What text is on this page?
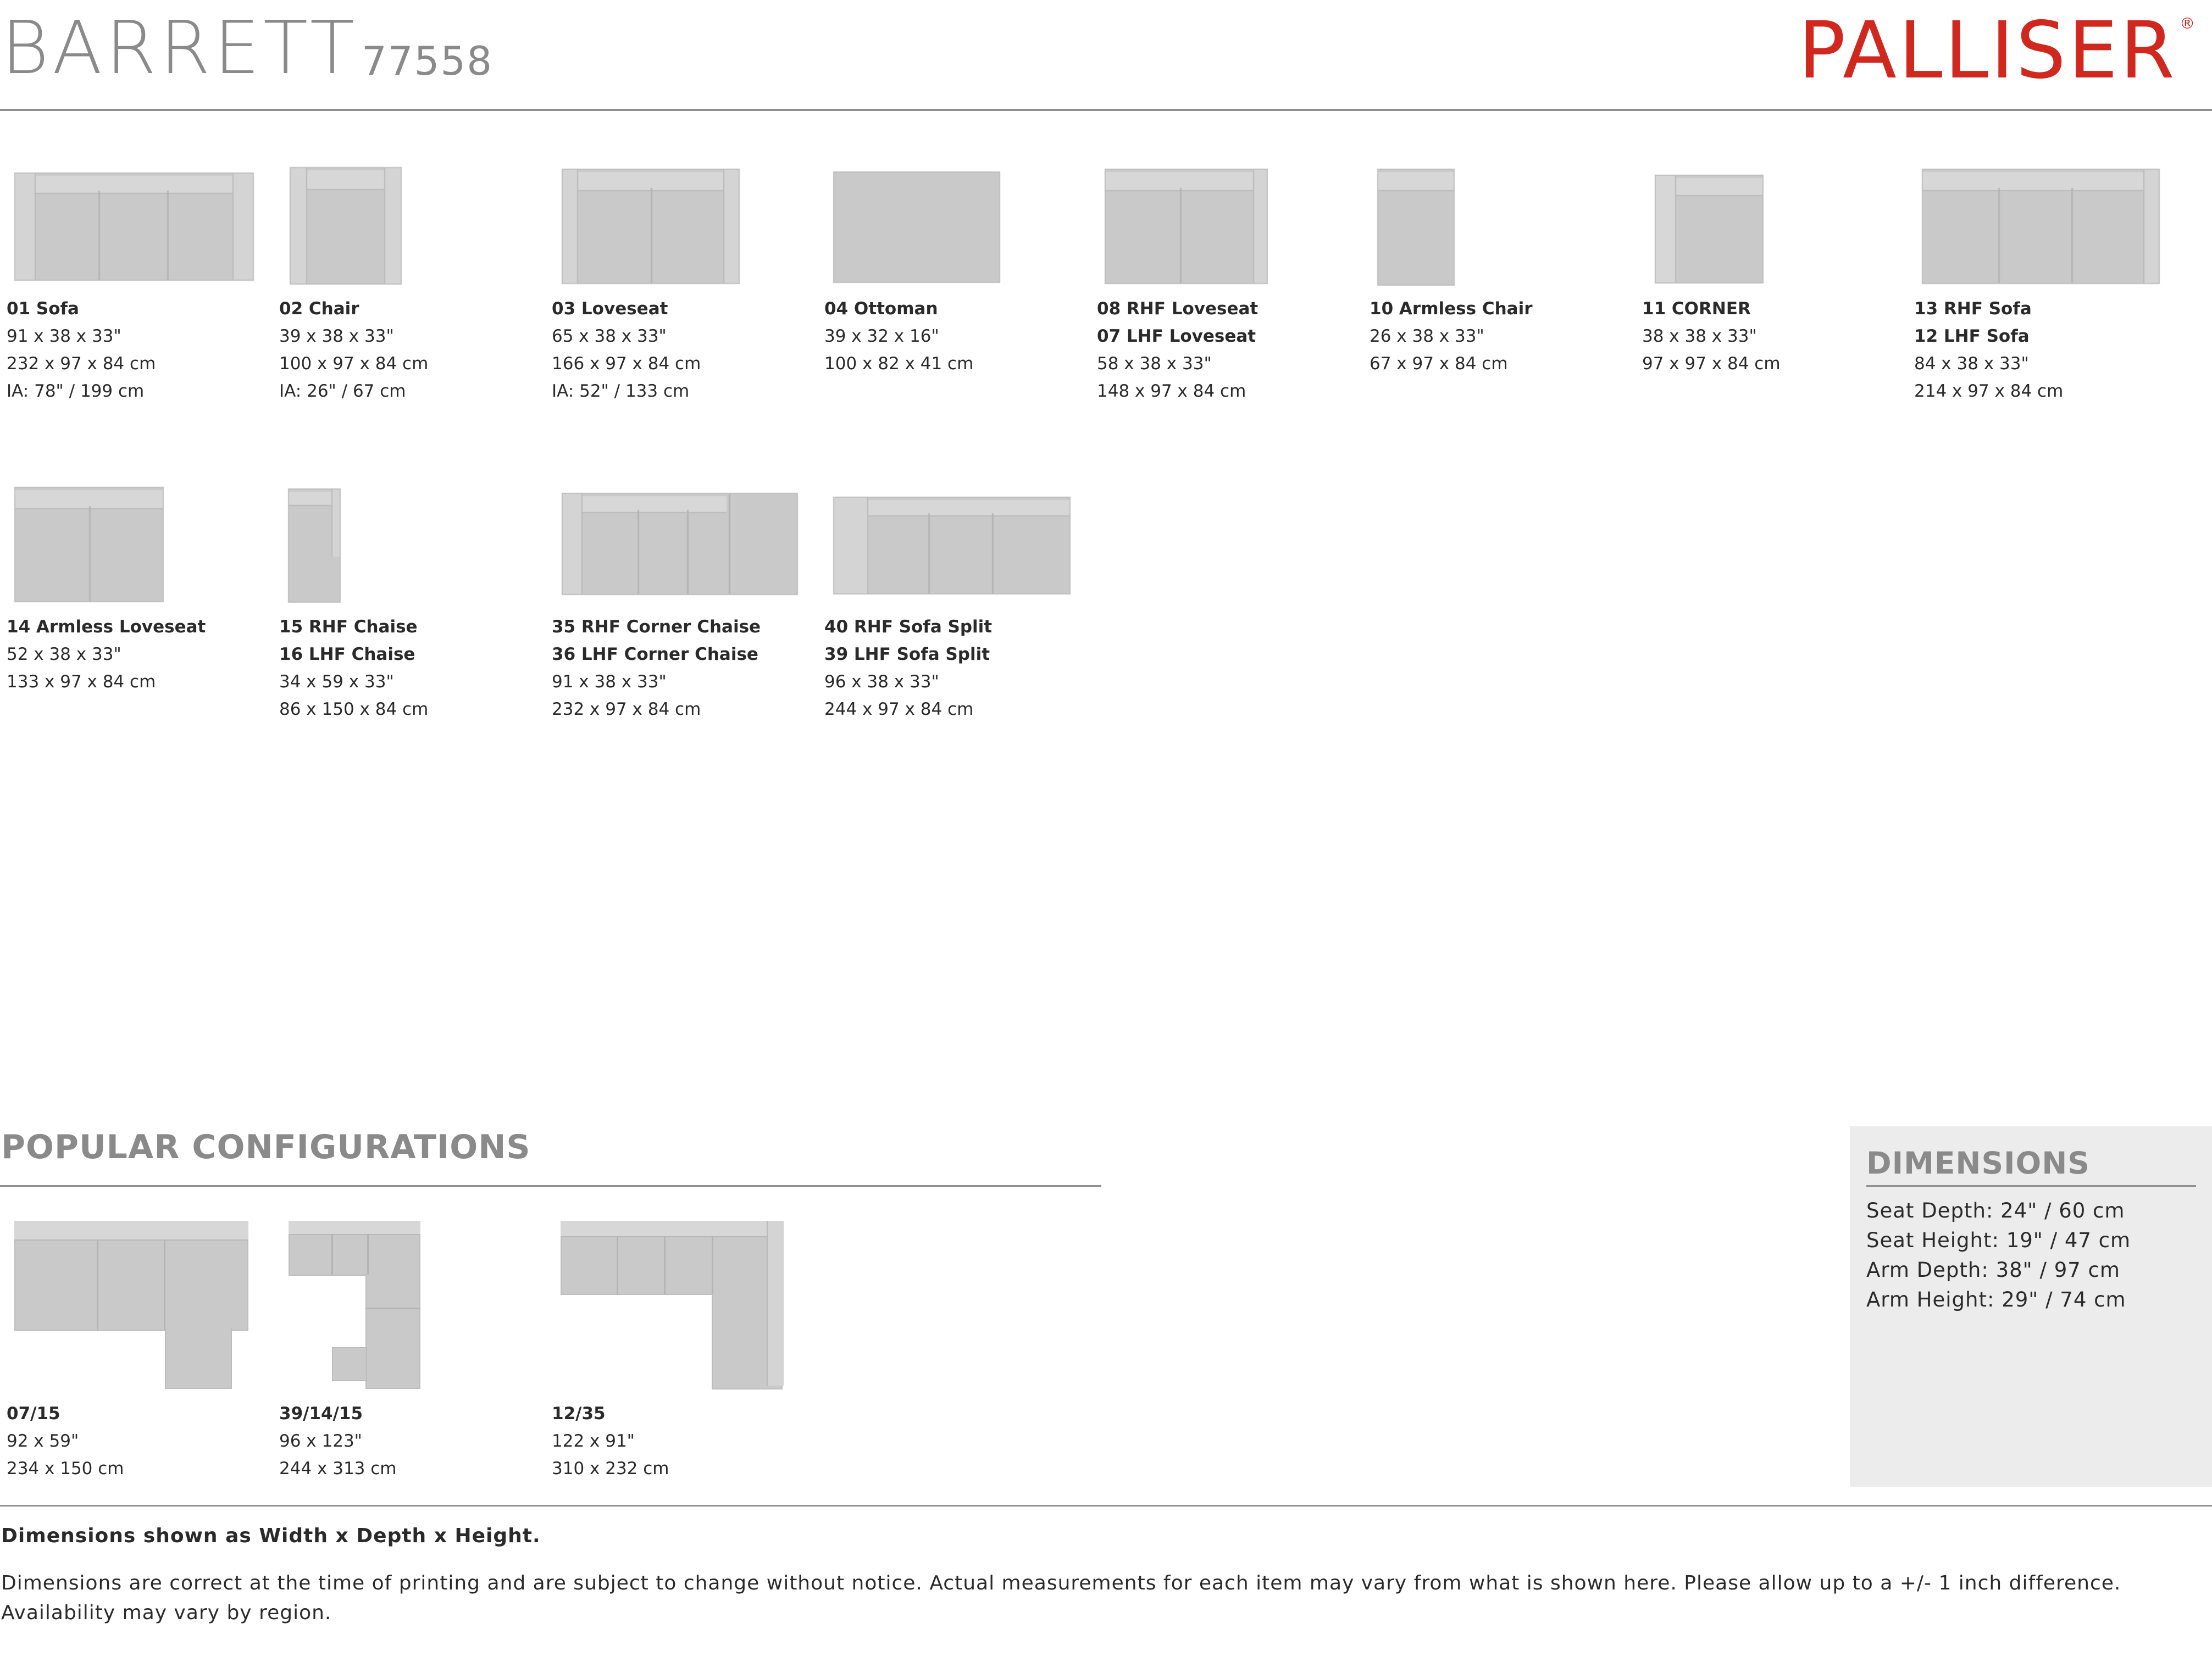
BARRETT 77558	PALLISER ®
01 Sofa
91 x 38 x 33"
232 x 97 x 84 cm
IA: 78" / 199 cm
02 Chair
39 x 38 x 33"
100 x 97 x 84 cm
IA: 26" / 67 cm
03 Loveseat
65 x 38 x 33"
166 x 97 x 84 cm
IA: 52" / 133 cm
04 Ottoman
39 x 32 x 16"
100 x 82 x 41 cm
08 RHF Loveseat
07 LHF Loveseat
58 x 38 x 33"
148 x 97 x 84 cm
10 Armless Chair
26 x 38 x 33"
67 x 97 x 84 cm
11 CORNER
38 x 38 x 33"
97 x 97 x 84 cm
13 RHF Sofa
12 LHF Sofa
84 x 38 x 33"
214 x 97 x 84 cm
14 Armless Loveseat
52 x 38 x 33"
133 x 97 x 84 cm
15 RHF Chaise
16 LHF Chaise
34 x 59 x 33"
86 x 150 x 84 cm
35 RHF Corner Chaise
36 LHF Corner Chaise
91 x 38 x 33"
232 x 97 x 84 cm
40 RHF Sofa Split
39 LHF Sofa Split
96 x 38 x 33"
244 x 97 x 84 cm
POPULAR CONFIGURATIONS
07/15
92 x 59"
234 x 150 cm
39/14/15
96 x 123"
244 x 313 cm
12/35
122 x 91"
310 x 232 cm
DIMENSIONS
Seat Depth: 24" / 60 cm
Seat Height: 19" / 47 cm
Arm Depth: 38" / 97 cm
Arm Height: 29" / 74 cm
Dimensions shown as Width x Depth x Height.
Dimensions are correct at the time of printing and are subject to change without notice. Actual measurements for each item may vary from what is shown here. Please allow up to a +/- 1 inch difference.
Availability may vary by region.
